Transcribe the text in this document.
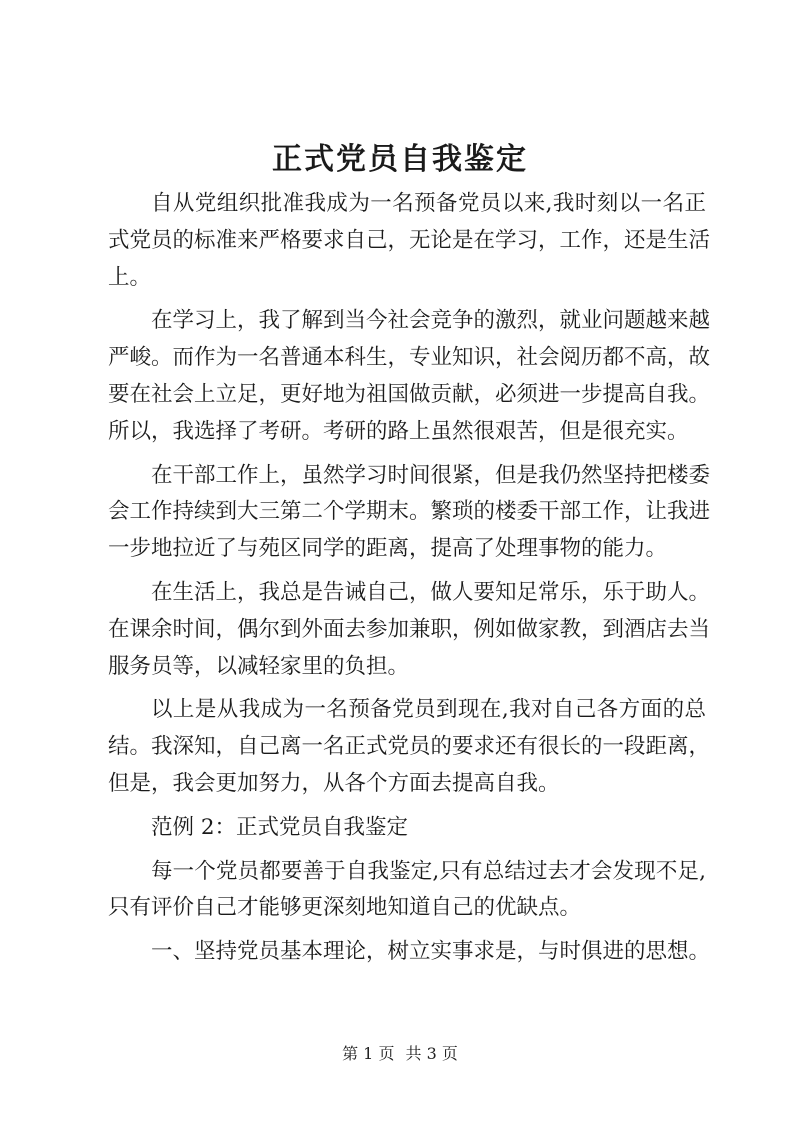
正式党员自我鉴定
自从党组织批准我成为一名预备党员以来,我时刻以一名正
式党员的标准来严格要求自己，无论是在学习，工作，还是生活
上。
在学习上，我了解到当今社会竞争的激烈，就业问题越来越
严峻。而作为一名普通本科生，专业知识，社会阅历都不高，故
要在社会上立足，更好地为祖国做贡献，必须进一步提高自我。
所以，我选择了考研。考研的路上虽然很艰苦，但是很充实。
在干部工作上，虽然学习时间很紧，但是我仍然坚持把楼委
会工作持续到大三第二个学期末。繁琐的楼委干部工作，让我进
一步地拉近了与苑区同学的距离，提高了处理事物的能力。
在生活上，我总是告诫自己，做人要知足常乐，乐于助人。
在课余时间，偶尔到外面去参加兼职，例如做家教，到酒店去当
服务员等，以减轻家里的负担。
以上是从我成为一名预备党员到现在,我对自己各方面的总
结。我深知，自己离一名正式党员的要求还有很长的一段距离，
但是，我会更加努力，从各个方面去提高自我。
范例 2：正式党员自我鉴定
每一个党员都要善于自我鉴定,只有总结过去才会发现不足,
只有评价自己才能够更深刻地知道自己的优缺点。
一、坚持党员基本理论，树立实事求是，与时俱进的思想。
第 1 页 共 3 页
